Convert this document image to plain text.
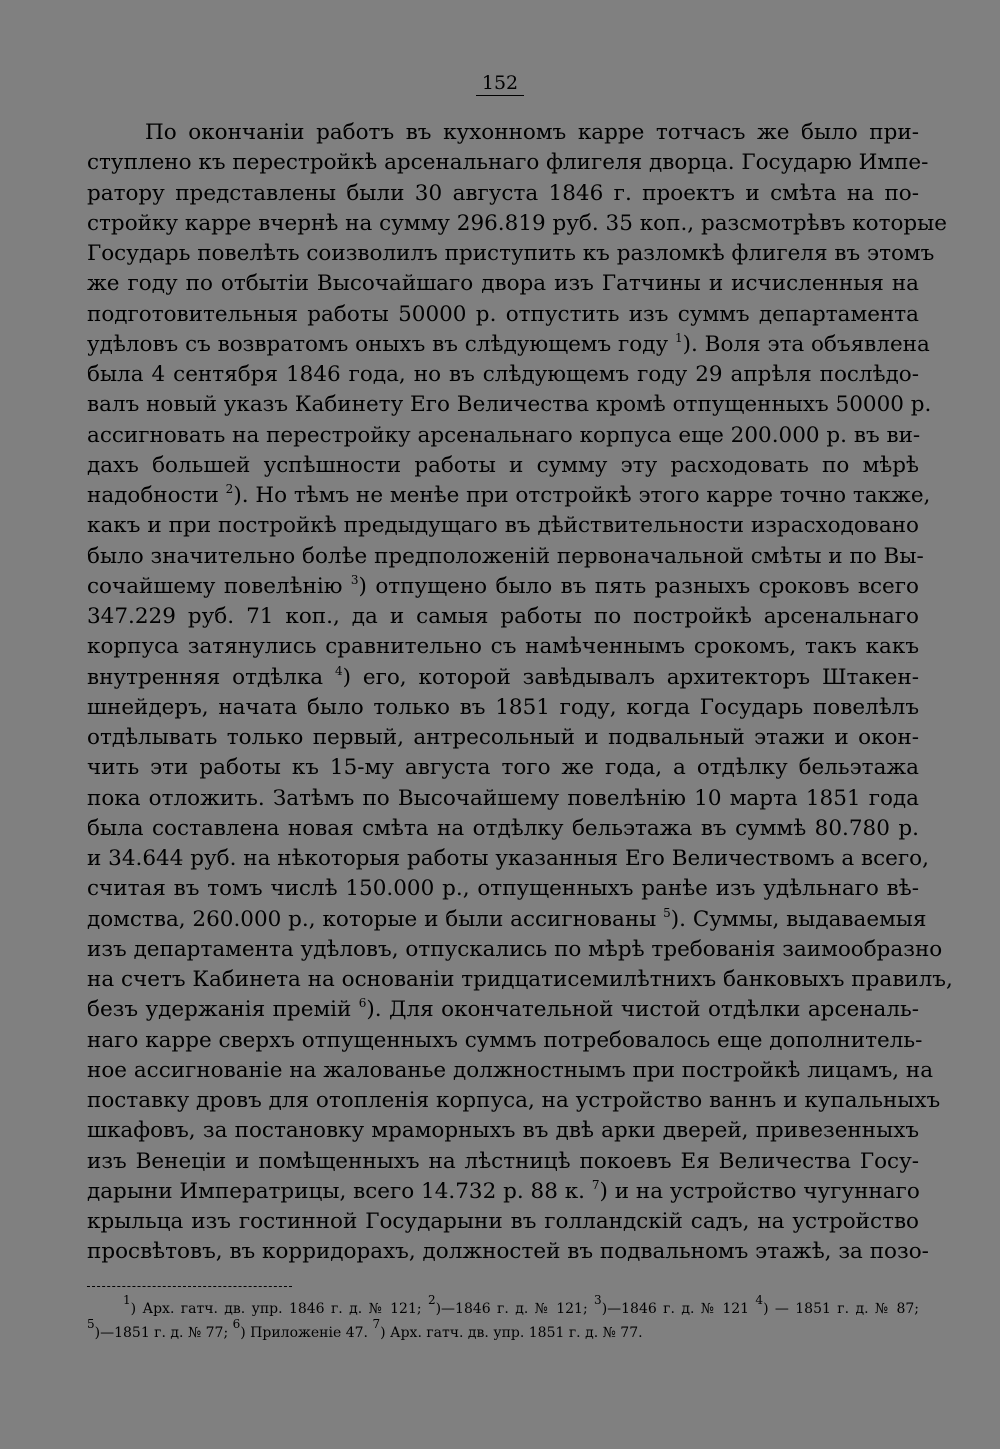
152
По окончаніи работъ въ кухонномъ карре тотчасъ же было при-
ступлено къ перестройкѣ арсенальнаго флигеля дворца. Государю Импе-
ратору представлены были 30 августа 1846 г. проектъ и смѣта на по-
стройку карре вчернѣ на сумму 296.819 руб. 35 коп., разсмотрѣвъ которые
Государь повелѣть соизволилъ приступить къ разломкѣ флигеля въ этомъ
же году по отбытіи Высочайшаго двора изъ Гатчины и исчисленныя на
подготовительныя работы 50000 р. отпустить изъ суммъ департамента
удѣловъ съ возвратомъ оныхъ въ слѣдующемъ году $^1$). Воля эта объявлена
была 4 сентября 1846 года, но въ слѣдующемъ году 29 апрѣля послѣдо-
валъ новый указъ Кабинету Его Величества кромѣ отпущенныхъ 50000 р.
ассигновать на перестройку арсенальнаго корпуса еще 200.000 р. въ ви-
дахъ большей успѣшности работы и сумму эту расходовать по мѣрѣ
надобности $^2$). Но тѣмъ не менѣе при отстройкѣ этого карре точно также,
какъ и при постройкѣ предыдущаго въ дѣйствительности израсходовано
было значительно болѣе предположеній первоначальной смѣты и по Вы-
сочайшему повелѣнію $^3$) отпущено было въ пять разныхъ сроковъ всего
347.229 руб. 71 коп., да и самыя работы по постройкѣ арсенальнаго
корпуса затянулись сравнительно съ намѣченнымъ срокомъ, такъ какъ
внутренняя отдѣлка $^4$) его, которой завѣдывалъ архитекторъ Штакен-
шнейдеръ, начата было только въ 1851 году, когда Государь повелѣлъ
отдѣлывать только первый, антресольный и подвальный этажи и окон-
чить эти работы къ 15-му августа того же года, а отдѣлку бельэтажа
пока отложить. Затѣмъ по Высочайшему повелѣнію 10 марта 1851 года
была составлена новая смѣта на отдѣлку бельэтажа въ суммѣ 80.780 р.
и 34.644 руб. на нѣкоторыя работы указанныя Его Величествомъ а всего,
считая въ томъ числѣ 150.000 р., отпущенныхъ ранѣе изъ удѣльнаго вѣ-
домства, 260.000 р., которые и были ассигнованы $^5$). Суммы, выдаваемыя
изъ департамента удѣловъ, отпускались по мѣрѣ требованія заимообразно
на счетъ Кабинета на основаніи тридцатисемилѣтнихъ банковыхъ правилъ,
безъ удержанія премій $^6$). Для окончательной чистой отдѣлки арсеналь-
наго карре сверхъ отпущенныхъ суммъ потребовалось еще дополнитель-
ное ассигнованіе на жалованье должностнымъ при постройкѣ лицамъ, на
поставку дровъ для отопленія корпуса, на устройство ваннъ и купальныхъ
шкафовъ, за постановку мраморныхъ въ двѣ арки дверей, привезенныхъ
изъ Венеціи и помѣщенныхъ на лѣстницѣ покоевъ Ея Величества Госу-
дарыни Императрицы, всего 14.732 р. 88 к. $^7$) и на устройство чугуннаго
крыльца изъ гостинной Государыни въ голландскій садъ, на устройство
просвѣтовъ, въ корридорахъ, должностей въ подвальномъ этажѣ, за позо-
$^1$) Арх. гатч. дв. упр. 1846 г. д. № 121; $^2$)—1846 г. д. № 121; $^3$)—1846 г. д. № 121 $^4$) — 1851 г. д. № 87;
$^5$)—1851 г. д. № 77; $^6$) Приложеніе 47. $^7$) Арх. гатч. дв. упр. 1851 г. д. № 77.
